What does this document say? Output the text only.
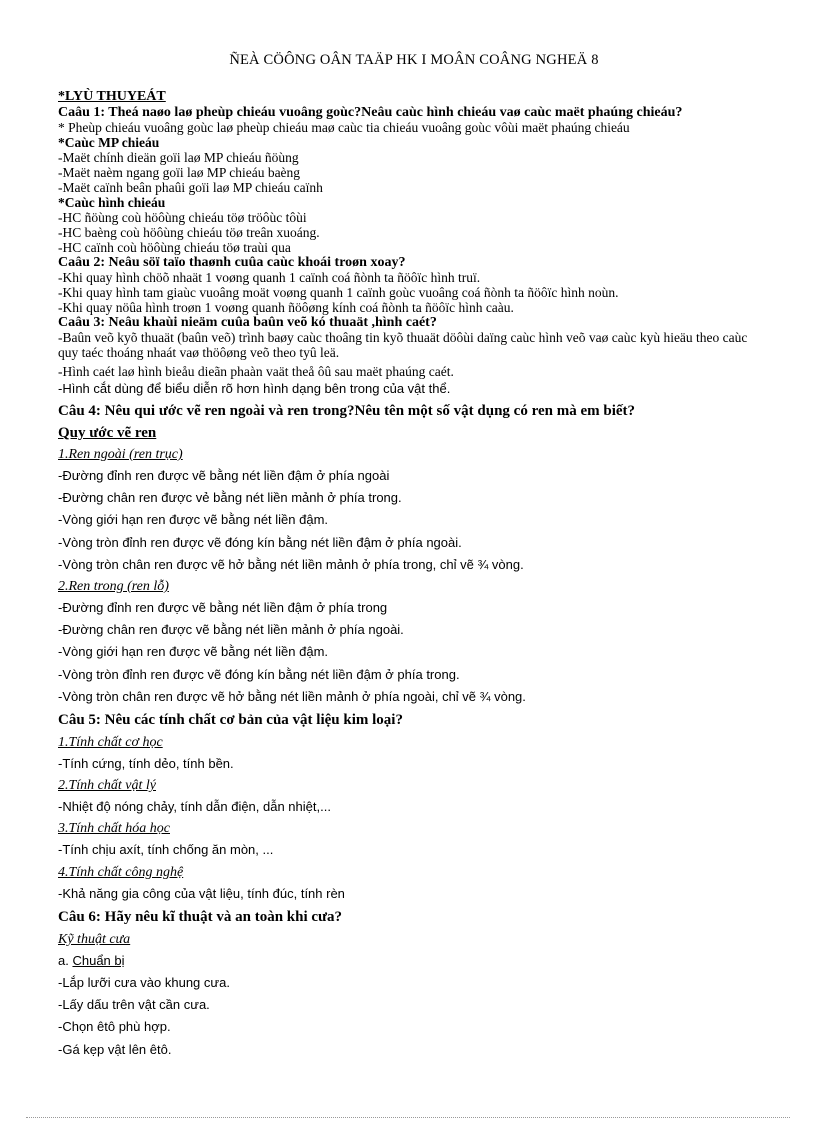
ÑEÀ CÖÔNG OÂN TAÄP HK I MOÂN COÂNG NGHEÄ 8

*LYÙ THUYEÁT

Caâu 1: Theá naøo laø pheùp chieáu vuoâng goùc?Neâu caùc hình chieáu vaø caùc maët phaúng chieáu?

* Pheùp chieáu vuoâng goùc laø pheùp chieáu maø caùc tia chieáu vuoâng goùc vôùi maët phaúng chieáu

*Caùc MP chieáu

-Maët chính dieän goïi laø MP chieáu ñöùng

-Maët naèm ngang goïi laø MP chieáu baèng

-Maët caïnh beân phaûi goïi laø MP chieáu caïnh

*Caùc hình chieáu

-HC ñöùng coù höôùng chieáu töø tröôùc tôùi

-HC baèng coù höôùng chieáu töø treân xuoáng.

-HC caïnh coù höôùng chieáu töø traùi qua

Caâu 2: Neâu söï taïo thaønh cuûa caùc khoái troøn xoay?

-Khi quay hình chöõ nhaät 1 voøng quanh 1 caïnh coá ñònh ta ñöôïc hình truï.

-Khi quay hình tam giaùc vuoâng moät voøng quanh 1 caïnh goùc vuoâng coá ñònh ta ñöôïc hình noùn.

-Khi quay nöûa hình troøn 1 voøng quanh ñöôøng kính coá ñònh ta ñöôïc hình caàu.

Caâu 3: Neâu khaùi nieäm cuûa baûn veõ kó thuaät ,hình caét?

-Baûn veõ kyõ thuaät (baûn veõ) trình baøy caùc thoâng tin kyõ thuaät döôùi daïng caùc hình veõ vaø caùc kyù hieäu theo caùc quy taéc thoáng nhaát vaø thöôøng veõ theo tyû leä.

-Hình caét laø hình bieåu dieãn phaàn vaät theå ôû sau maët phaúng caét.

-Hình cắt dùng để biểu diễn rõ hơn hình dạng bên trong của vật thể.

Câu 4: Nêu qui ước vẽ ren ngoài và ren trong?Nêu tên một số vật dụng có ren mà em biết?

Quy ước vẽ ren

1.Ren ngoài (ren trục)

-Đường đỉnh ren được vẽ bằng nét liền đậm ở phía ngoài

-Đường chân ren được vẻ bằng nét liền mảnh ở phía trong.

-Vòng giới hạn ren được vẽ bằng nét liền đậm.

-Vòng tròn đỉnh ren được vẽ đóng kín bằng nét liền đậm ở phía ngoài.

-Vòng tròn chân ren được vẽ hở bằng nét liền mảnh ở phía trong, chỉ vẽ ¾ vòng.

2.Ren trong (ren lỗ)

-Đường đỉnh ren được vẽ bằng nét liền đậm ở phía trong

-Đường chân ren được vẽ bằng nét liền mảnh ở phía ngoài.

-Vòng giới hạn ren được vẽ bằng nét liền đậm.

-Vòng tròn đỉnh ren được vẽ đóng kín bằng nét liền đậm ở phía trong.

-Vòng tròn chân ren được vẽ hở bằng nét liền mảnh ở phía ngoài, chỉ vẽ ¾ vòng.

Câu 5: Nêu các tính chất cơ bản của vật liệu kim loại?

1.Tính chất cơ học

-Tính cứng, tính dẻo, tính bền.

2.Tính chất vật lý

-Nhiệt độ nóng chảy, tính dẫn điện, dẫn nhiệt,...

3.Tính chất hóa học

-Tính chịu axít, tính chống ăn mòn, ...

4.Tính chất công nghệ

-Khả năng gia công của vật liệu, tính đúc, tính rèn

Câu 6: Hãy nêu kĩ thuật và an toàn khi cưa?

Kỹ thuật cưa

a. Chuẩn bị

-Lắp lưỡi cưa vào khung cưa.

-Lấy dấu trên vật cần cưa.

-Chọn êtô phù hợp.

-Gá kẹp vật lên êtô.
